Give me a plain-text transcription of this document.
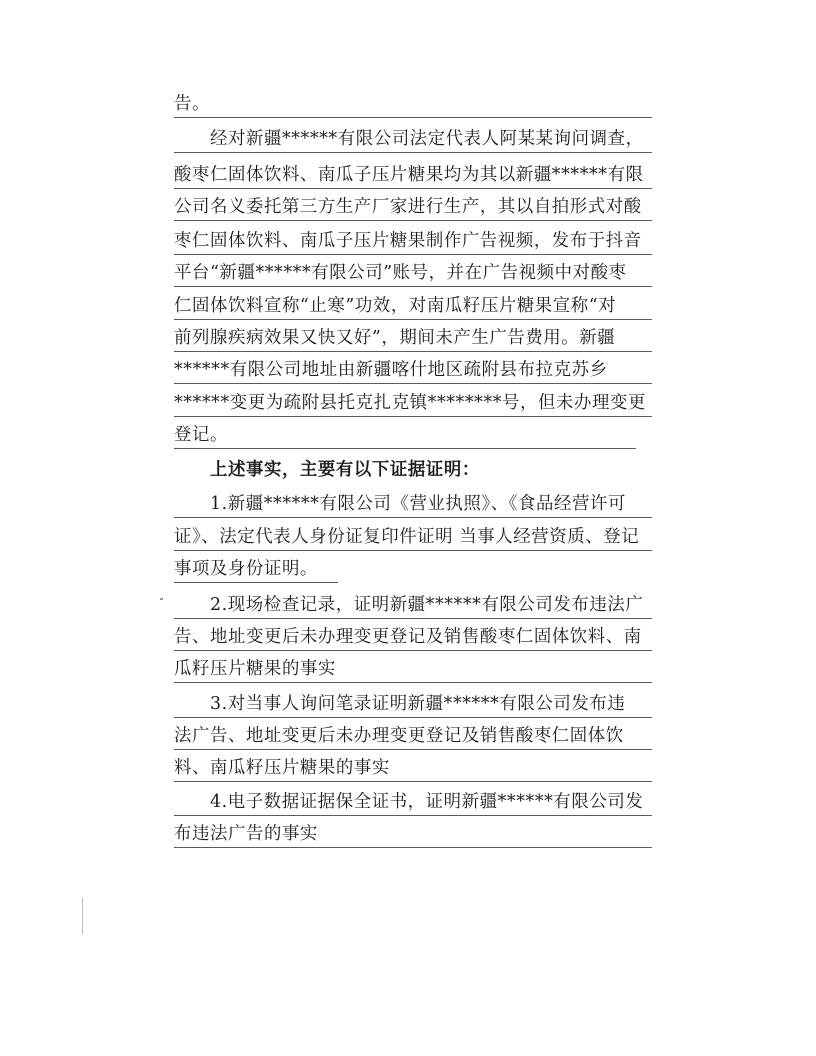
告。
　　经对新疆******有限公司法定代表人阿某某询问调查，
酸枣仁固体饮料、南瓜子压片糖果均为其以新疆******有限
公司名义委托第三方生产厂家进行生产，其以自拍形式对酸
枣仁固体饮料、南瓜子压片糖果制作广告视频，发布于抖音
平台“新疆******有限公司”账号，并在广告视频中对酸枣
仁固体饮料宣称“止寒”功效，对南瓜籽压片糖果宣称“对
前列腺疾病效果又快又好”，期间未产生广告费用。新疆
******有限公司地址由新疆喀什地区疏附县布拉克苏乡
******变更为疏附县托克扎克镇********号，但未办理变更
登记。
　　上述事实，主要有以下证据证明：
　　1.新疆******有限公司《营业执照》、《食品经营许可
证》、法定代表人身份证复印件证明 当事人经营资质、登记
事项及身份证明。
　　2.现场检查记录，证明新疆******有限公司发布违法广
告、地址变更后未办理变更登记及销售酸枣仁固体饮料、南
瓜籽压片糖果的事实
　　3.对当事人询问笔录证明新疆******有限公司发布违
法广告、地址变更后未办理变更登记及销售酸枣仁固体饮
料、南瓜籽压片糖果的事实
　　4.电子数据证据保全证书，证明新疆******有限公司发
布违法广告的事实
